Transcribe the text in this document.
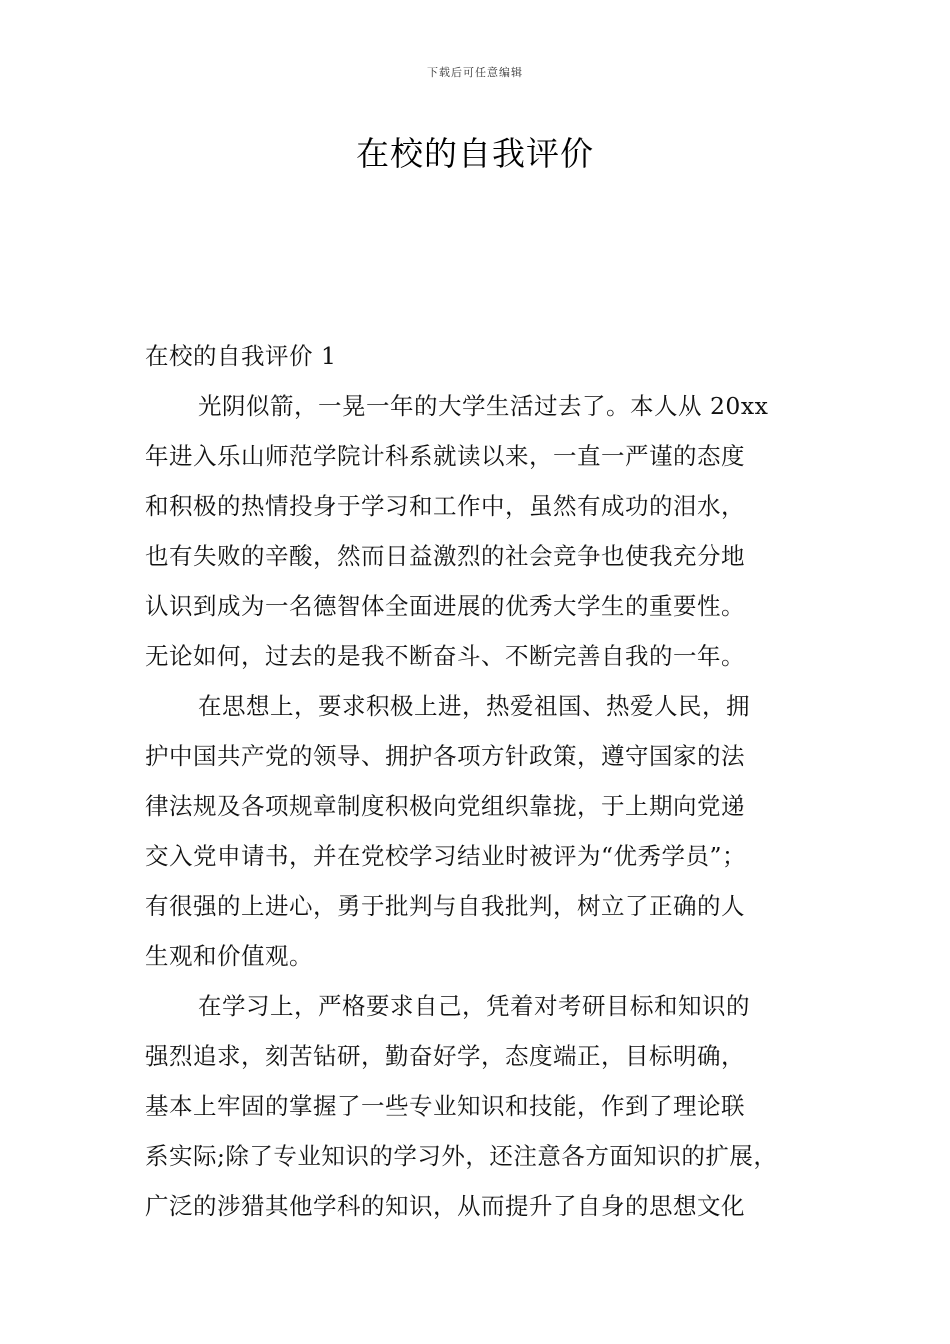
下载后可任意编辑
在校的自我评价
在校的自我评价 1
光阴似箭，一晃一年的大学生活过去了。本人从 20xx
年进入乐山师范学院计科系就读以来，一直一严谨的态度
和积极的热情投身于学习和工作中，虽然有成功的泪水，
也有失败的辛酸，然而日益激烈的社会竞争也使我充分地
认识到成为一名德智体全面进展的优秀大学生的重要性。
无论如何，过去的是我不断奋斗、不断完善自我的一年。
在思想上，要求积极上进，热爱祖国、热爱人民，拥
护中国共产党的领导、拥护各项方针政策，遵守国家的法
律法规及各项规章制度积极向党组织靠拢，于上期向党递
交入党申请书，并在党校学习结业时被评为“优秀学员”；
有很强的上进心，勇于批判与自我批判，树立了正确的人
生观和价值观。
在学习上，严格要求自己，凭着对考研目标和知识的
强烈追求，刻苦钻研，勤奋好学，态度端正，目标明确，
基本上牢固的掌握了一些专业知识和技能，作到了理论联
系实际;除了专业知识的学习外，还注意各方面知识的扩展，
广泛的涉猎其他学科的知识，从而提升了自身的思想文化
